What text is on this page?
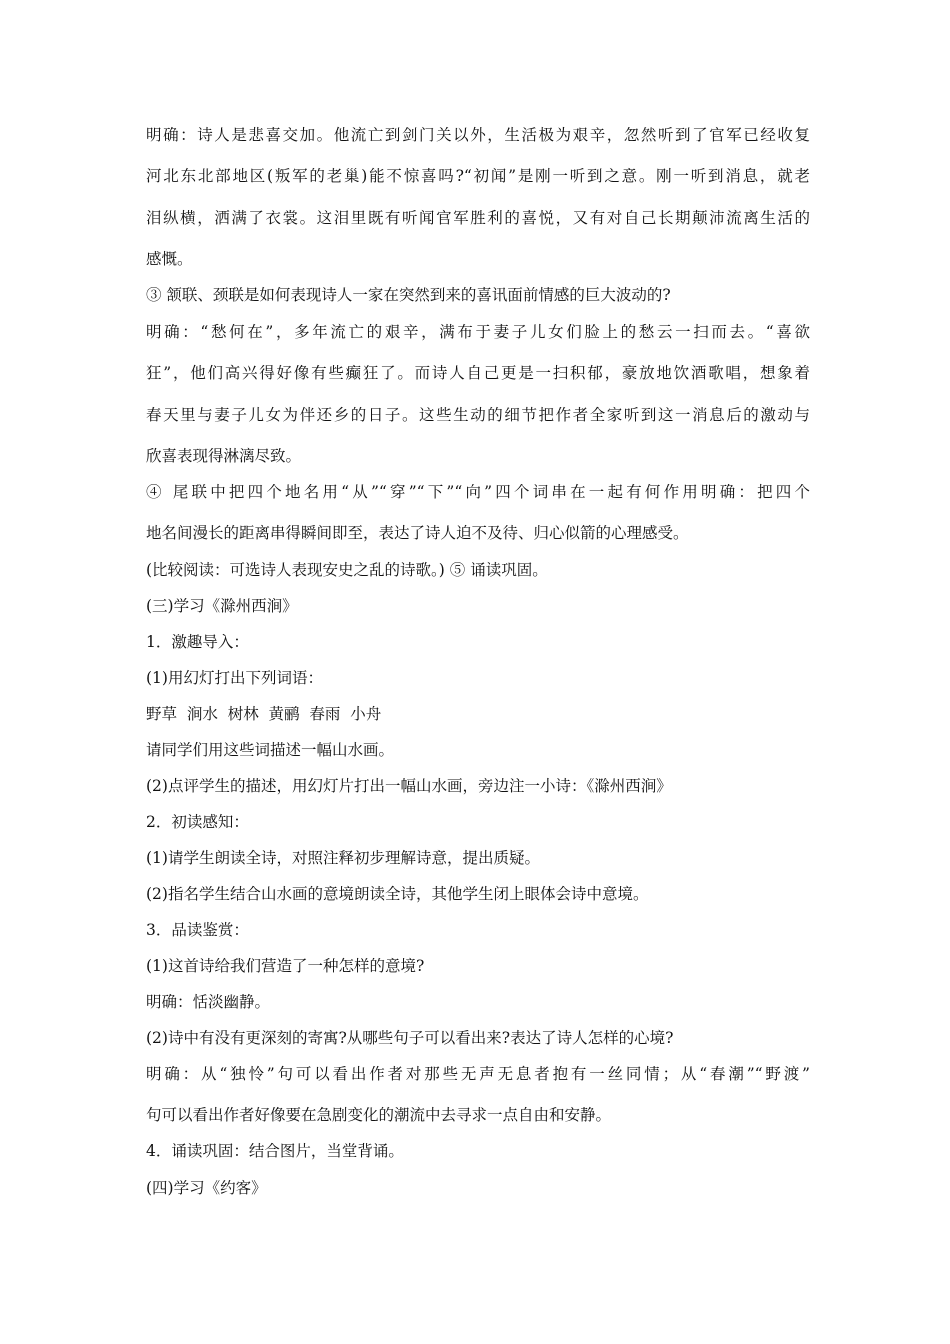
明确：诗人是悲喜交加。他流亡到剑门关以外，生活极为艰辛，忽然听到了官军已经收复
河北东北部地区(叛军的老巢)能不惊喜吗?“初闻”是刚一听到之意。刚一听到消息，就老
泪纵横，洒满了衣裳。这泪里既有听闻官军胜利的喜悦，又有对自己长期颠沛流离生活的
感慨。
③ 颔联、颈联是如何表现诗人一家在突然到来的喜讯面前情感的巨大波动的?
明确：“愁何在”，多年流亡的艰辛，满布于妻子儿女们脸上的愁云一扫而去。“喜欲
狂”，他们高兴得好像有些癫狂了。而诗人自己更是一扫积郁，豪放地饮酒歌唱，想象着
春天里与妻子儿女为伴还乡的日子。这些生动的细节把作者全家听到这一消息后的激动与
欣喜表现得淋漓尽致。
④ 尾联中把四个地名用“从”“穿”“下”“向”四个词串在一起有何作用明确：把四个
地名间漫长的距离串得瞬间即至，表达了诗人迫不及待、归心似箭的心理感受。
(比较阅读：可选诗人表现安史之乱的诗歌。) ⑤ 诵读巩固。
(三)学习《滁州西涧》
1．激趣导入：
(1)用幻灯打出下列词语：
野草  涧水  树林  黄鹂  春雨  小舟
请同学们用这些词描述一幅山水画。
(2)点评学生的描述，用幻灯片打出一幅山水画，旁边注一小诗：《滁州西涧》
2．初读感知：
(1)请学生朗读全诗，对照注释初步理解诗意，提出质疑。
(2)指名学生结合山水画的意境朗读全诗，其他学生闭上眼体会诗中意境。
3．品读鉴赏：
(1)这首诗给我们营造了一种怎样的意境?
明确：恬淡幽静。
(2)诗中有没有更深刻的寄寓?从哪些句子可以看出来?表达了诗人怎样的心境?
明确：从“独怜”句可以看出作者对那些无声无息者抱有一丝同情；从“春潮”“野渡”
句可以看出作者好像要在急剧变化的潮流中去寻求一点自由和安静。
4．诵读巩固：结合图片，当堂背诵。
(四)学习《约客》
